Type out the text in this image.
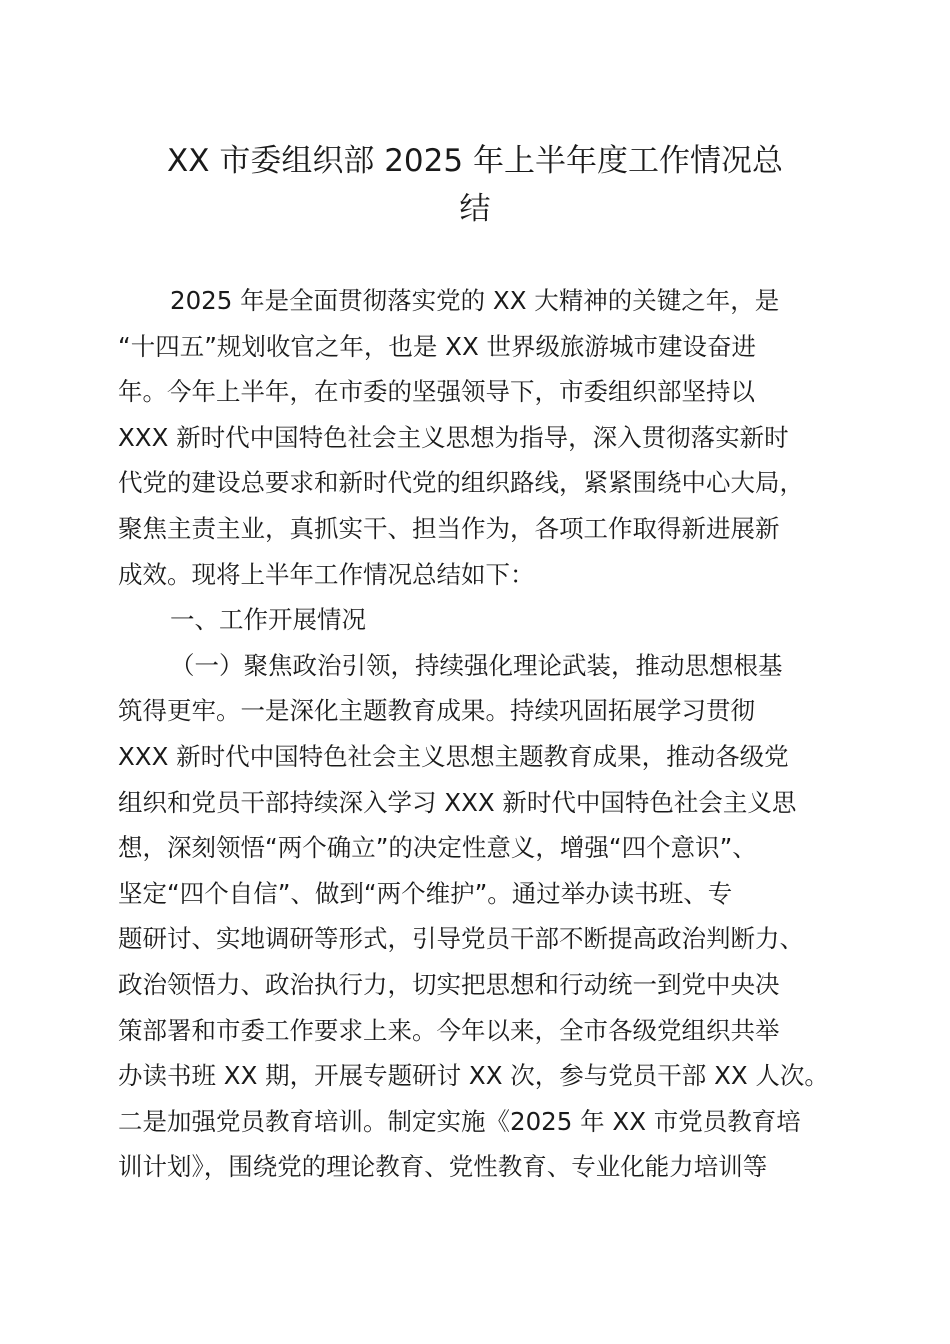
XX 市委组织部 2025 年上半年度工作情况总
结
2025 年是全面贯彻落实党的 XX 大精神的关键之年，是
“十四五”规划收官之年，也是 XX 世界级旅游城市建设奋进
年。今年上半年，在市委的坚强领导下，市委组织部坚持以
XXX 新时代中国特色社会主义思想为指导，深入贯彻落实新时
代党的建设总要求和新时代党的组织路线，紧紧围绕中心大局，
聚焦主责主业，真抓实干、担当作为，各项工作取得新进展新
成效。现将上半年工作情况总结如下：
一、工作开展情况
（一）聚焦政治引领，持续强化理论武装，推动思想根基
筑得更牢。一是深化主题教育成果。持续巩固拓展学习贯彻
XXX 新时代中国特色社会主义思想主题教育成果，推动各级党
组织和党员干部持续深入学习 XXX 新时代中国特色社会主义思
想，深刻领悟“两个确立”的决定性意义，增强“四个意识”、
坚定“四个自信”、做到“两个维护”。通过举办读书班、专
题研讨、实地调研等形式，引导党员干部不断提高政治判断力、
政治领悟力、政治执行力，切实把思想和行动统一到党中央决
策部署和市委工作要求上来。今年以来，全市各级党组织共举
办读书班 XX 期，开展专题研讨 XX 次，参与党员干部 XX 人次。
二是加强党员教育培训。制定实施《2025 年 XX 市党员教育培
训计划》，围绕党的理论教育、党性教育、专业化能力培训等
